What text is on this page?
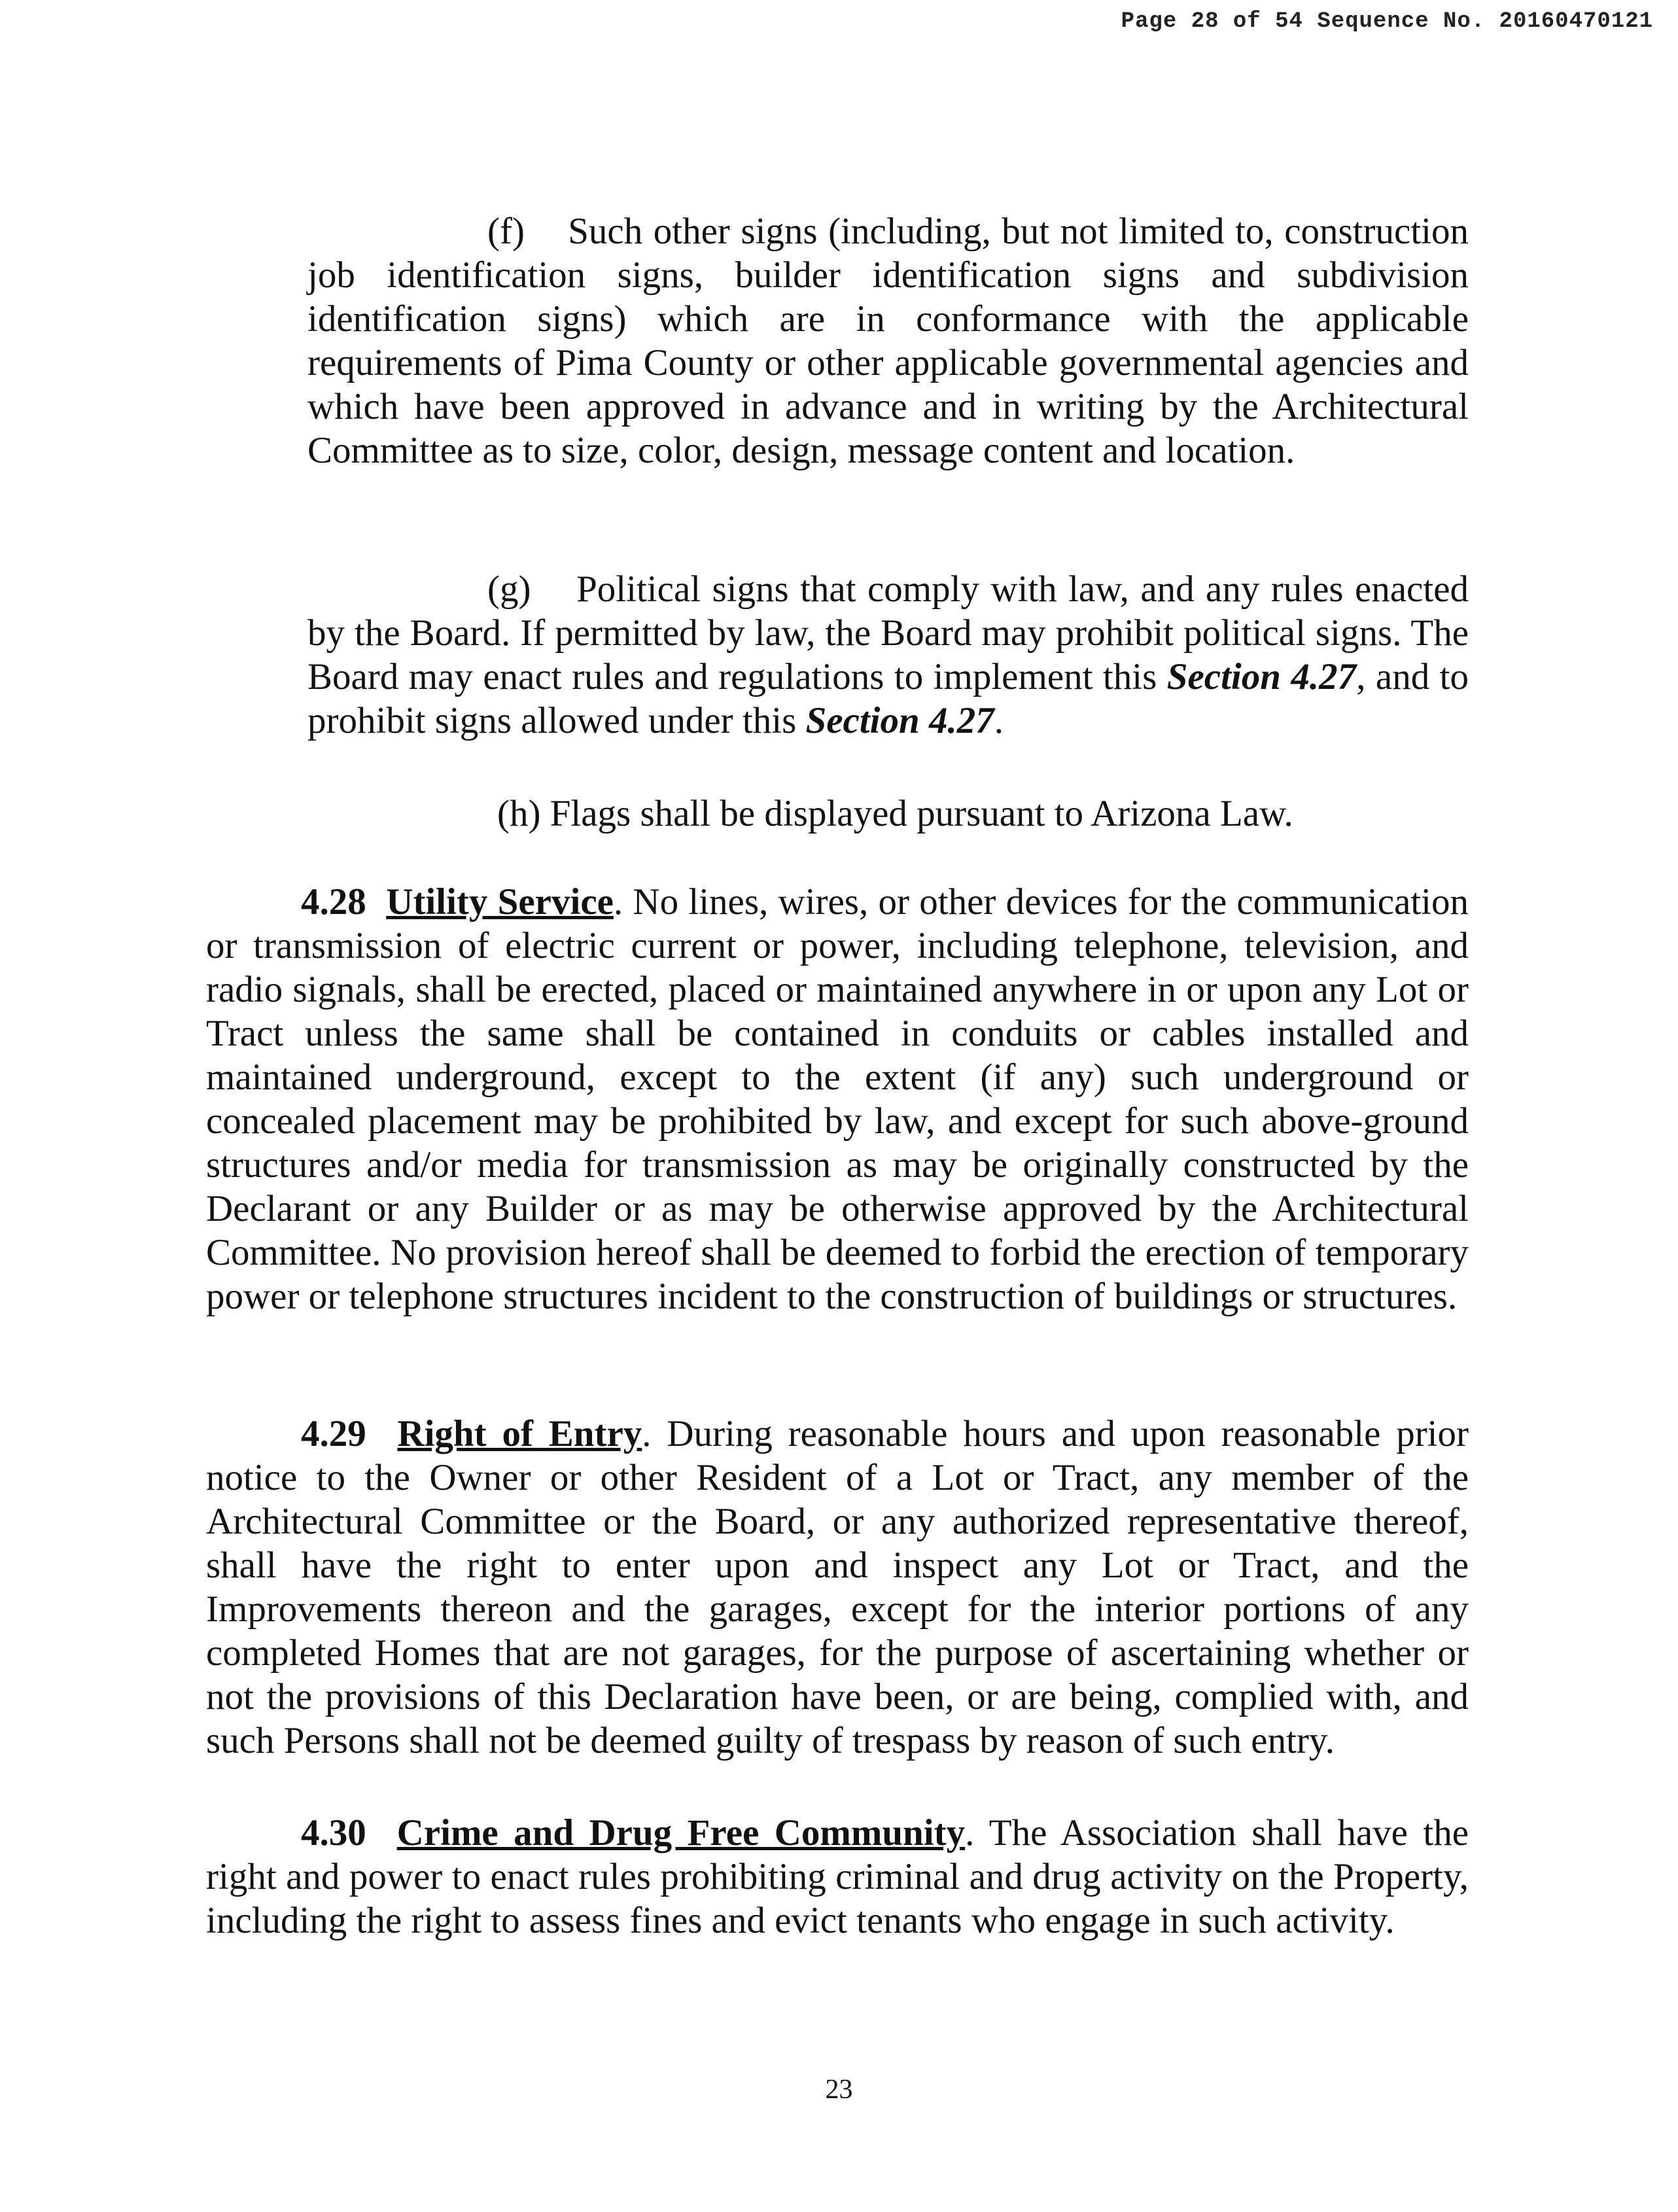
Page 28 of 54 Sequence No. 20160470121

(f) Such other signs (including, but not limited to, construction job identification signs, builder identification signs and subdivision identification signs) which are in conformance with the applicable requirements of Pima County or other applicable governmental agencies and which have been approved in advance and in writing by the Architectural Committee as to size, color, design, message content and location.

(g) Political signs that comply with law, and any rules enacted by the Board. If permitted by law, the Board may prohibit political signs. The Board may enact rules and regulations to implement this Section 4.27, and to prohibit signs allowed under this Section 4.27.

(h) Flags shall be displayed pursuant to Arizona Law.

4.28 Utility Service. No lines, wires, or other devices for the communication or transmission of electric current or power, including telephone, television, and radio signals, shall be erected, placed or maintained anywhere in or upon any Lot or Tract unless the same shall be contained in conduits or cables installed and maintained underground, except to the extent (if any) such underground or concealed placement may be prohibited by law, and except for such above-ground structures and/or media for transmission as may be originally constructed by the Declarant or any Builder or as may be otherwise approved by the Architectural Committee. No provision hereof shall be deemed to forbid the erection of temporary power or telephone structures incident to the construction of buildings or structures.

4.29 Right of Entry. During reasonable hours and upon reasonable prior notice to the Owner or other Resident of a Lot or Tract, any member of the Architectural Committee or the Board, or any authorized representative thereof, shall have the right to enter upon and inspect any Lot or Tract, and the Improvements thereon and the garages, except for the interior portions of any completed Homes that are not garages, for the purpose of ascertaining whether or not the provisions of this Declaration have been, or are being, complied with, and such Persons shall not be deemed guilty of trespass by reason of such entry.

4.30 Crime and Drug Free Community. The Association shall have the right and power to enact rules prohibiting criminal and drug activity on the Property, including the right to assess fines and evict tenants who engage in such activity.

23
